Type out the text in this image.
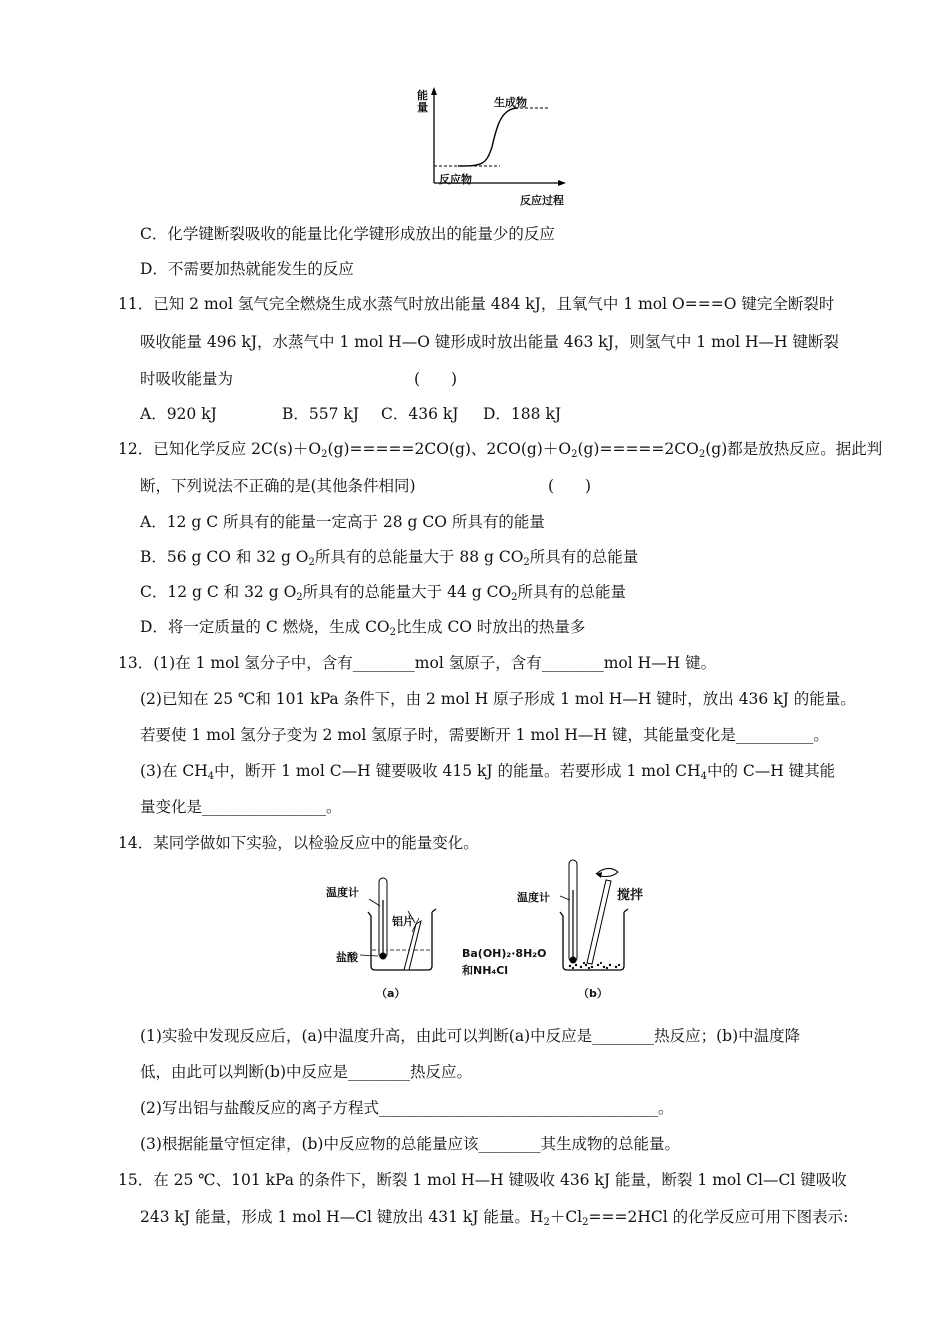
能量	生成物
反应物
反应过程
C．化学键断裂吸收的能量比化学键形成放出的能量少的反应
D．不需要加热就能发生的反应
11．已知 2 mol 氢气完全燃烧生成水蒸气时放出能量 484 kJ，且氧气中 1 mol O===O 键完全断裂时
吸收能量 496 kJ，水蒸气中 1 mol H—O 键形成时放出能量 463 kJ，则氢气中 1 mol H—H 键断裂
时吸收能量为	(　　)
A．920 kJ	B．557 kJ C．436 kJ D．188 kJ
12．已知化学反应 $2C(s)+O_2(g)=====2CO(g)$、$2CO(g)+O_2(g)=====2CO_2(g)$都是放热反应。据此判
断，下列说法不正确的是(其他条件相同)	(　　)
A．12 g C 所具有的能量一定高于 28 g CO 所具有的能量
B．56 g CO 和 32 g $O_2$所具有的总能量大于 88 g $CO_2$所具有的总能量
C．12 g C 和 32 g $O_2$所具有的总能量大于 44 g $CO_2$所具有的总能量
D．将一定质量的 C 燃烧，生成 $CO_2$比生成 CO 时放出的热量多
13．(1)在 1 mol 氢分子中，含有________mol 氢原子，含有________mol H—H 键。
(2)已知在 25 ℃和 101 kPa 条件下，由 2 mol H 原子形成 1 mol H—H 键时，放出 436 kJ 的能量。
若要使 1 mol 氢分子变为 2 mol 氢原子时，需要断开 1 mol H—H 键，其能量变化是__________。
(3)在 $CH_4$中，断开 1 mol C—H 键要吸收 415 kJ 的能量。若要形成 1 mol $CH_4$中的 C—H 键其能
量变化是________________。
14．某同学做如下实验，以检验反应中的能量变化。
温度计
铝片
盐酸
（a）
温度计	搅拌
Ba(OH)₂·8H₂O
和NH₄Cl
（b）
(1)实验中发现反应后，(a)中温度升高，由此可以判断(a)中反应是________热反应；(b)中温度降
低，由此可以判断(b)中反应是________热反应。
(2)写出铝与盐酸反应的离子方程式____________________________________。
(3)根据能量守恒定律，(b)中反应物的总能量应该________其生成物的总能量。
15．在 25 ℃、101 kPa 的条件下，断裂 1 mol H—H 键吸收 436 kJ 能量，断裂 1 mol Cl—Cl 键吸收
243 kJ 能量，形成 1 mol H—Cl 键放出 431 kJ 能量。$H_2+Cl_2===2HCl$ 的化学反应可用下图表示:
